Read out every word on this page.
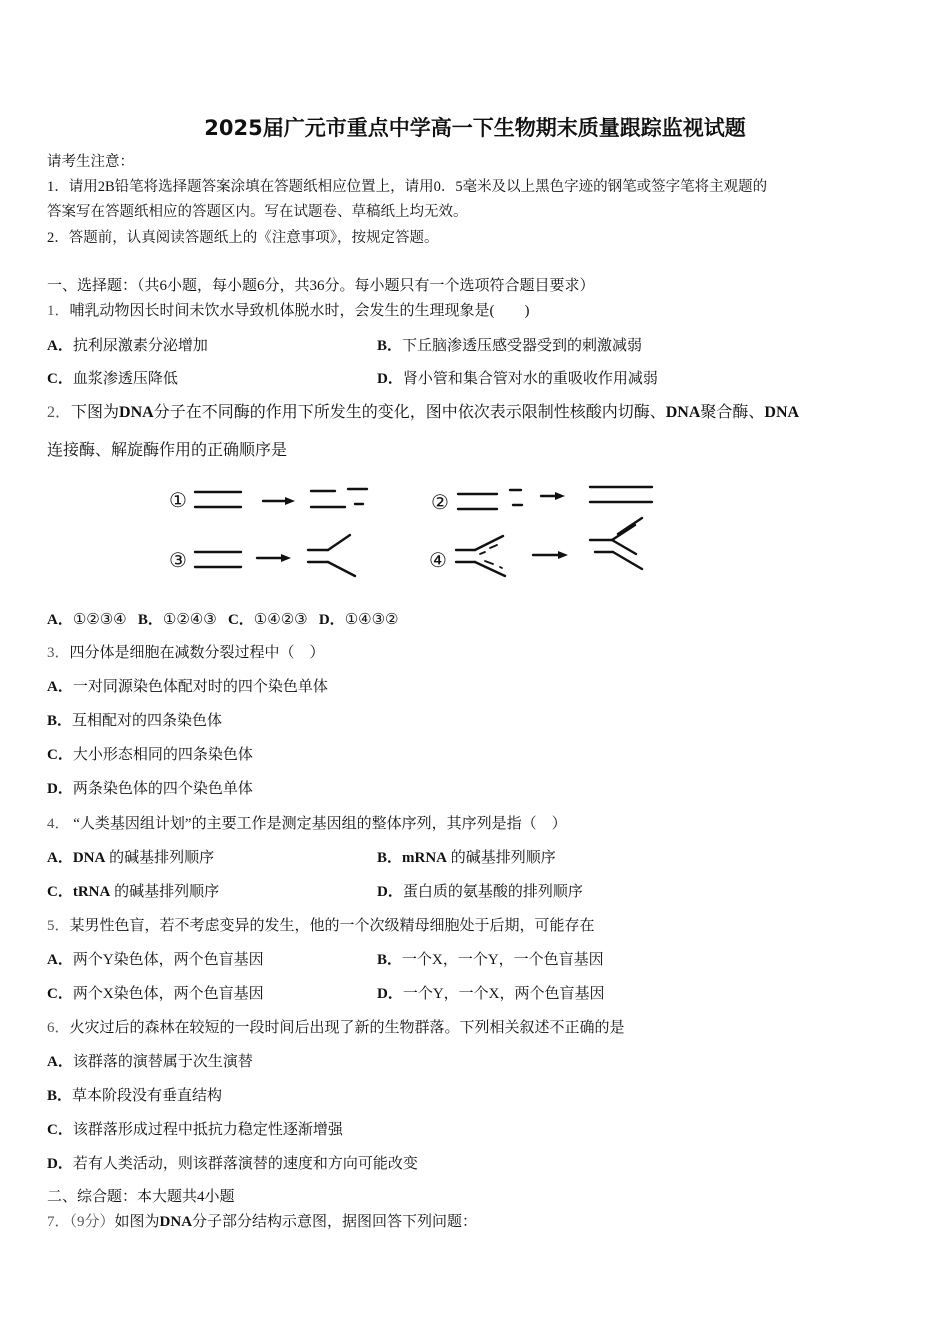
2025届广元市重点中学高一下生物期末质量跟踪监视试题
请考生注意：
1．请用2B铅笔将选择题答案涂填在答题纸相应位置上，请用0．5毫米及以上黑色字迹的钢笔或签字笔将主观题的
答案写在答题纸相应的答题区内。写在试题卷、草稿纸上均无效。
2．答题前，认真阅读答题纸上的《注意事项》，按规定答题。
一、选择题：（共6小题，每小题6分，共36分。每小题只有一个选项符合题目要求）
1．哺乳动物因长时间未饮水导致机体脱水时，会发生的生理现象是(　　)
A．抗利尿激素分泌增加	B．下丘脑渗透压感受器受到的刺激减弱
C．血浆渗透压降低	D．肾小管和集合管对水的重吸收作用减弱
2．下图为DNA分子在不同酶的作用下所发生的变化，图中依次表示限制性核酸内切酶、DNA聚合酶、DNA
连接酶、解旋酶作用的正确顺序是
①	②
③	④
A．①②③④ B．①②④③ C．①④②③ D．①④③②
3．四分体是细胞在减数分裂过程中（　）
A．一对同源染色体配对时的四个染色单体
B．互相配对的四条染色体
C．大小形态相同的四条染色体
D．两条染色体的四个染色单体
4． “人类基因组计划”的主要工作是测定基因组的整体序列，其序列是指（　）
A．DNA 的碱基排列顺序	B．mRNA 的碱基排列顺序
C．tRNA 的碱基排列顺序	D．蛋白质的氨基酸的排列顺序
5．某男性色盲，若不考虑变异的发生，他的一个次级精母细胞处于后期，可能存在
A．两个Y染色体，两个色盲基因	B．一个X，一个Y，一个色盲基因
C．两个X染色体，两个色盲基因	D．一个Y，一个X，两个色盲基因
6．火灾过后的森林在较短的一段时间后出现了新的生物群落。下列相关叙述不正确的是
A．该群落的演替属于次生演替
B．草本阶段没有垂直结构
C．该群落形成过程中抵抗力稳定性逐渐增强
D．若有人类活动，则该群落演替的速度和方向可能改变
二、综合题：本大题共4小题
7．（9分）如图为DNA分子部分结构示意图，据图回答下列问题：
